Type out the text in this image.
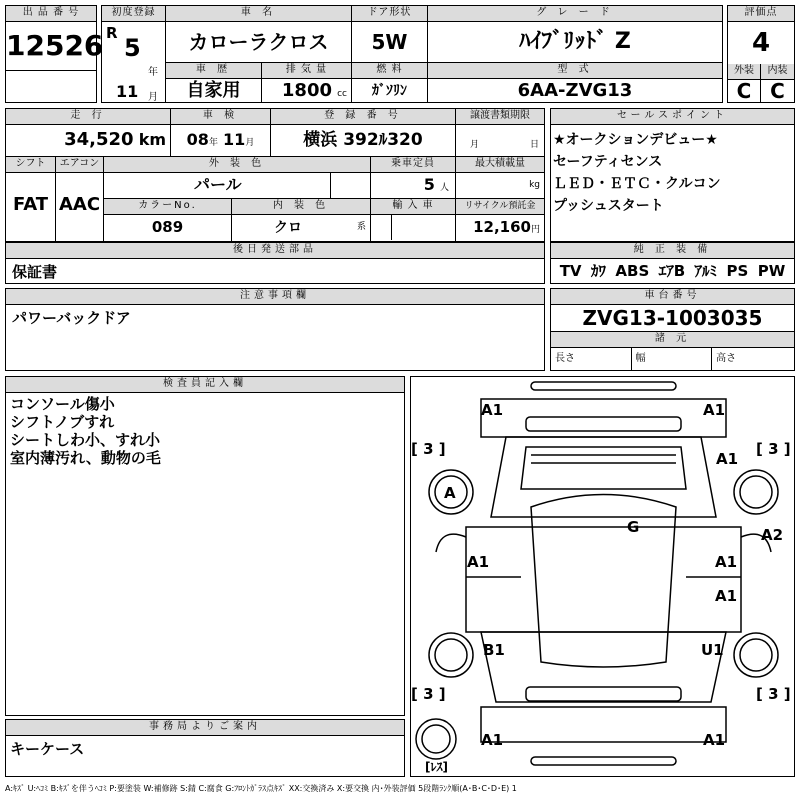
出 品 番 号
12526
初度登録
R
5
年
11 月
車 名
カローラクロス
ドア形状
5W
グ レ ー ド
ﾊｲﾌﾞﾘｯﾄﾞ Z
車 歴
自家用
排 気 量
1800 cc
燃 料
ｶﾞｿﾘﾝ
型 式
6AA-ZVG13
評価点
4
外装
C
内装
C
走 行
34,520 km
車 検
08年 11月
登 録 番 号
横浜 392ﾙ320
譲渡書類期限
月	日
シフト
FAT
エアコン
AAC
外 装 色
パール
乗車定員
5 人
最大積載量
kg
カラーNo.
089
内 装 色
クロ	系
輸 入 車	リサイクル預託金
12,160円
セールスポイント
★オークションデビュー★
セーフティセンス
ＬＥＤ・ＥＴＣ・クルコン
プッシュスタート
後日発送部品
保証書
純 正 装 備
TV ｶﾜ ABS ｴｱB ｱﾙﾐ PS PW
注意事項欄
パワーバックドア
車台番号
ZVG13-1003035
諸 元
長さ	幅	高さ
検査員記入欄
コンソール傷小
シフトノブすれ
シートしわ小、すれ小
室内薄汚れ、動物の毛
事務局よりご案内
キーケース
A1	A1
[ 3 ]	[ 3 ]
A1
A
G	A2
A1	A1
A1
B1	U1
[ 3 ]	[ 3 ]
A1	A1
[ﾚｽ]
A:ｷｽﾞ U:ﾍｺﾐ B:ｷｽﾞを伴うﾍｺﾐ P:要塗装 W:補修跡 S:錆 C:腐食 G:ﾌﾛﾝﾄｶﾞﾗｽ点ｷｽﾞ XX:交換済み X:要交換 内･外装評価 5段階ﾗﾝｸ順(A･B･C･D･E) 1
